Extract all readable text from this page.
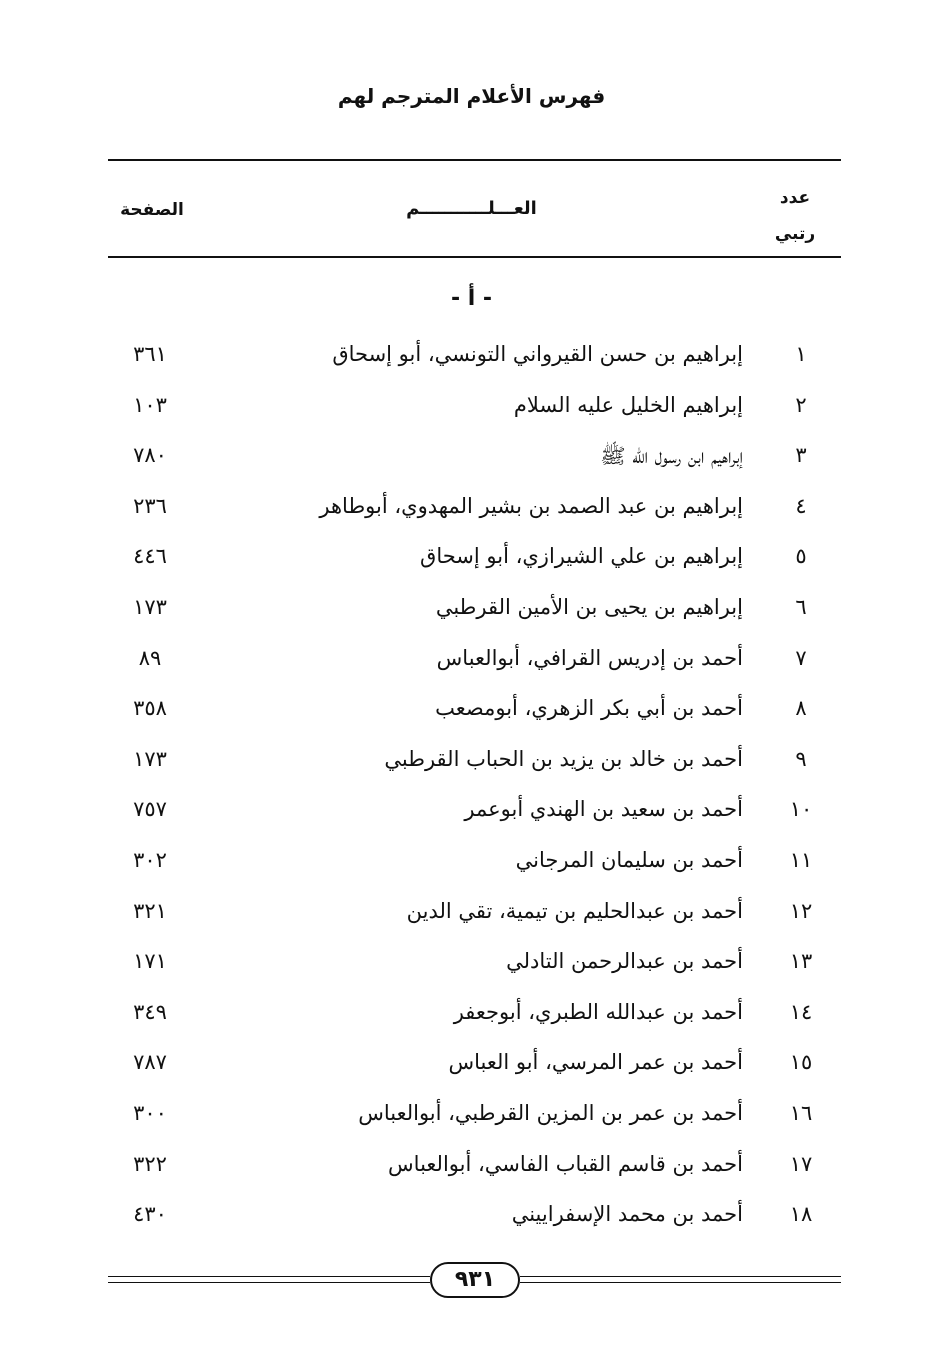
فهرس الأعلام المترجم لهم
عدد
رتبي
العـــلـــــــــــم
الصفحة
- أ -
١
إبراهيم بن حسن القيرواني التونسي، أبو إسحاق
٣٦١
٢
إبراهيم الخليل عليه السلام
١٠٣
٣
إبراهيم ابن رسول الله ﷺ
٧٨٠
٤
إبراهيم بن عبد الصمد بن بشير المهدوي، أبوطاهر
٢٣٦
٥
إبراهيم بن علي الشيرازي، أبو إسحاق
٤٤٦
٦
إبراهيم بن يحيى بن الأمين القرطبي
١٧٣
٧
أحمد بن إدريس القرافي، أبوالعباس
٨٩
٨
أحمد بن أبي بكر الزهري، أبومصعب
٣٥٨
٩
أحمد بن خالد بن يزيد بن الحباب القرطبي
١٧٣
١٠
أحمد بن سعيد بن الهندي أبوعمر
٧٥٧
١١
أحمد بن سليمان المرجاني
٣٠٢
١٢
أحمد بن عبدالحليم بن تيمية، تقي الدين
٣٢١
١٣
أحمد بن عبدالرحمن التادلي
١٧١
١٤
أحمد بن عبدالله الطبري، أبوجعفر
٣٤٩
١٥
أحمد بن عمر المرسي، أبو العباس
٧٨٧
١٦
أحمد بن عمر بن المزين القرطبي، أبوالعباس
٣٠٠
١٧
أحمد بن قاسم القباب الفاسي، أبوالعباس
٣٢٢
١٨
أحمد بن محمد الإسفراييني
٤٣٠
٩٣١
